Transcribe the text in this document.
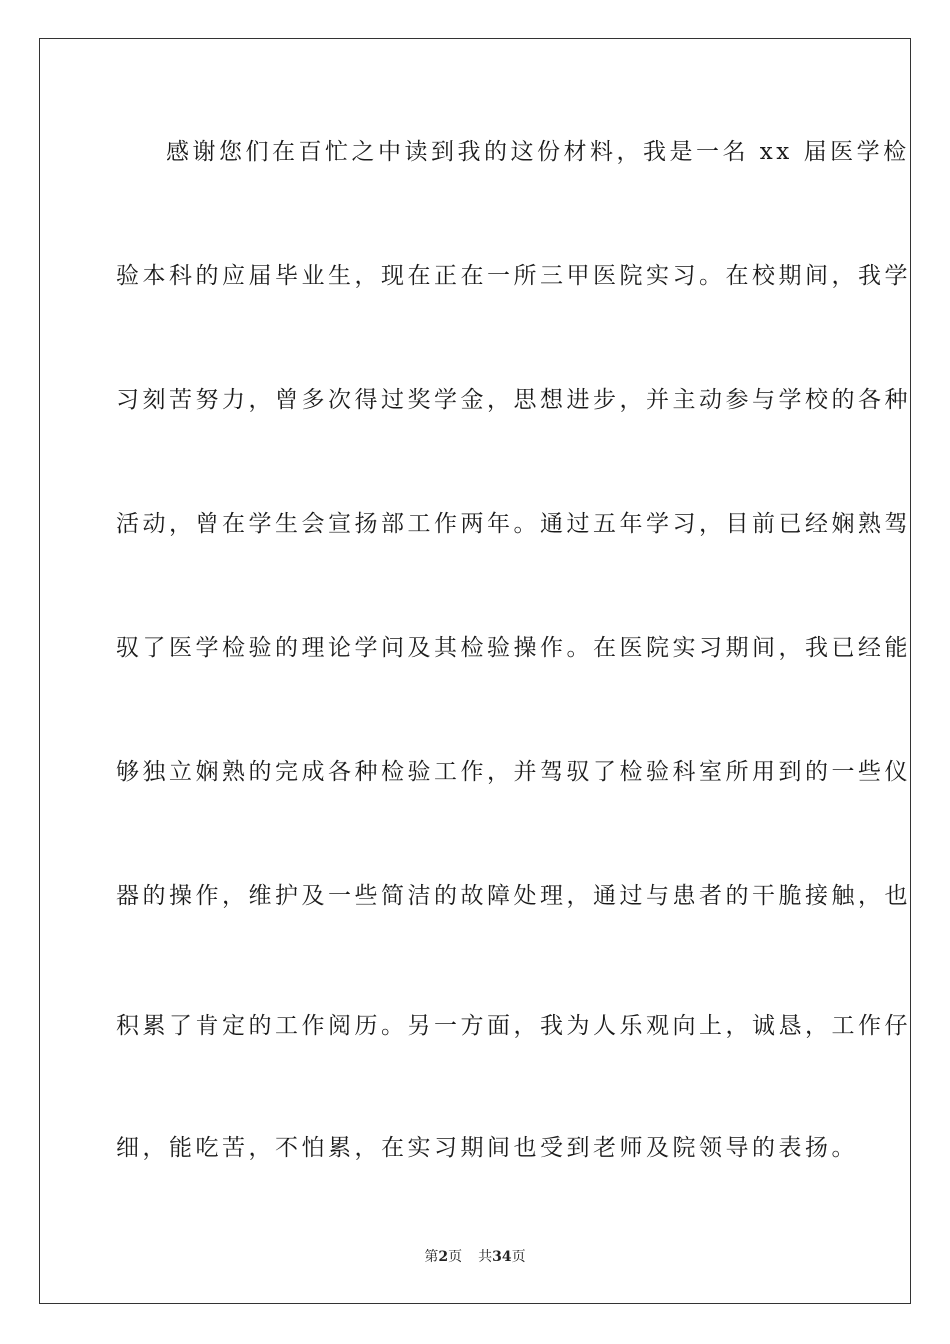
感谢您们在百忙之中读到我的这份材料，我是一名 xx 届医学检
验本科的应届毕业生，现在正在一所三甲医院实习。在校期间，我学
习刻苦努力，曾多次得过奖学金，思想进步，并主动参与学校的各种
活动，曾在学生会宣扬部工作两年。通过五年学习，目前已经娴熟驾
驭了医学检验的理论学问及其检验操作。在医院实习期间，我已经能
够独立娴熟的完成各种检验工作，并驾驭了检验科室所用到的一些仪
器的操作，维护及一些简洁的故障处理，通过与患者的干脆接触，也
积累了肯定的工作阅历。另一方面，我为人乐观向上，诚恳，工作仔
细，能吃苦，不怕累，在实习期间也受到老师及院领导的表扬。
第2页 共34页
